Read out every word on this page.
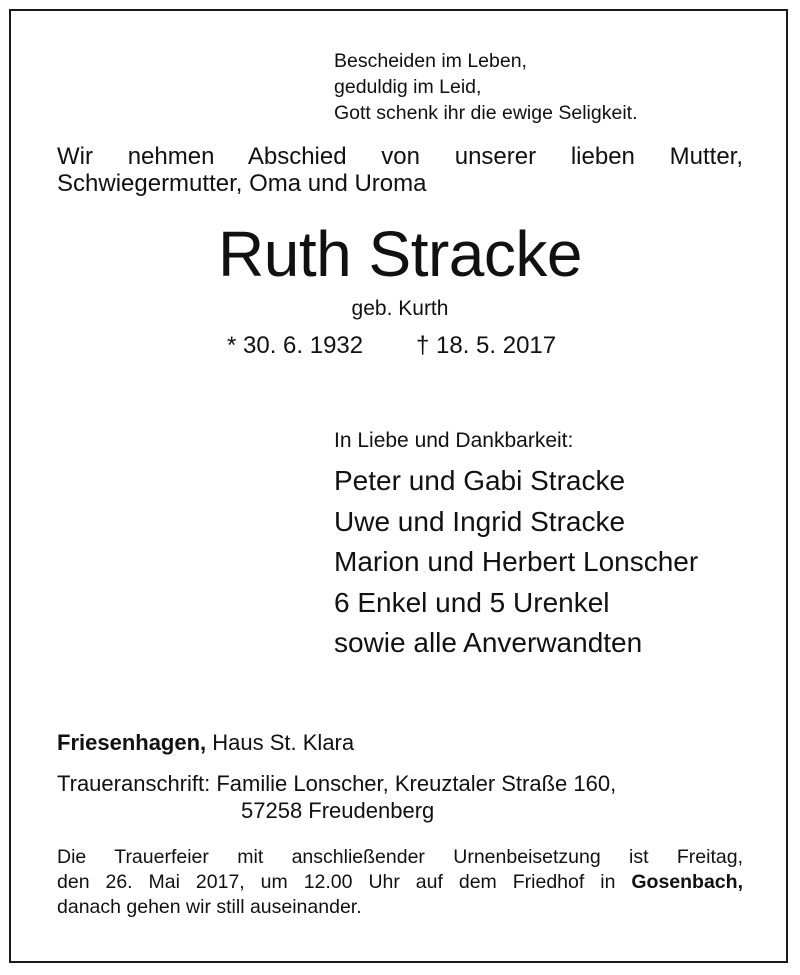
Bescheiden im Leben,
geduldig im Leid,
Gott schenk ihr die ewige Seligkeit.
Wir nehmen Abschied von unserer lieben Mutter,
Schwiegermutter, Oma und Uroma
Ruth Stracke
geb. Kurth
* 30. 6. 1932 † 18. 5. 2017
In Liebe und Dankbarkeit:
Peter und Gabi Stracke
Uwe und Ingrid Stracke
Marion und Herbert Lonscher
6 Enkel und 5 Urenkel
sowie alle Anverwandten
Friesenhagen, Haus St. Klara
Traueranschrift: Familie Lonscher, Kreuztaler Straße 160,
57258 Freudenberg
Die Trauerfeier mit anschließender Urnenbeisetzung ist Freitag,
den 26. Mai 2017, um 12.00 Uhr auf dem Friedhof in Gosenbach,
danach gehen wir still auseinander.
